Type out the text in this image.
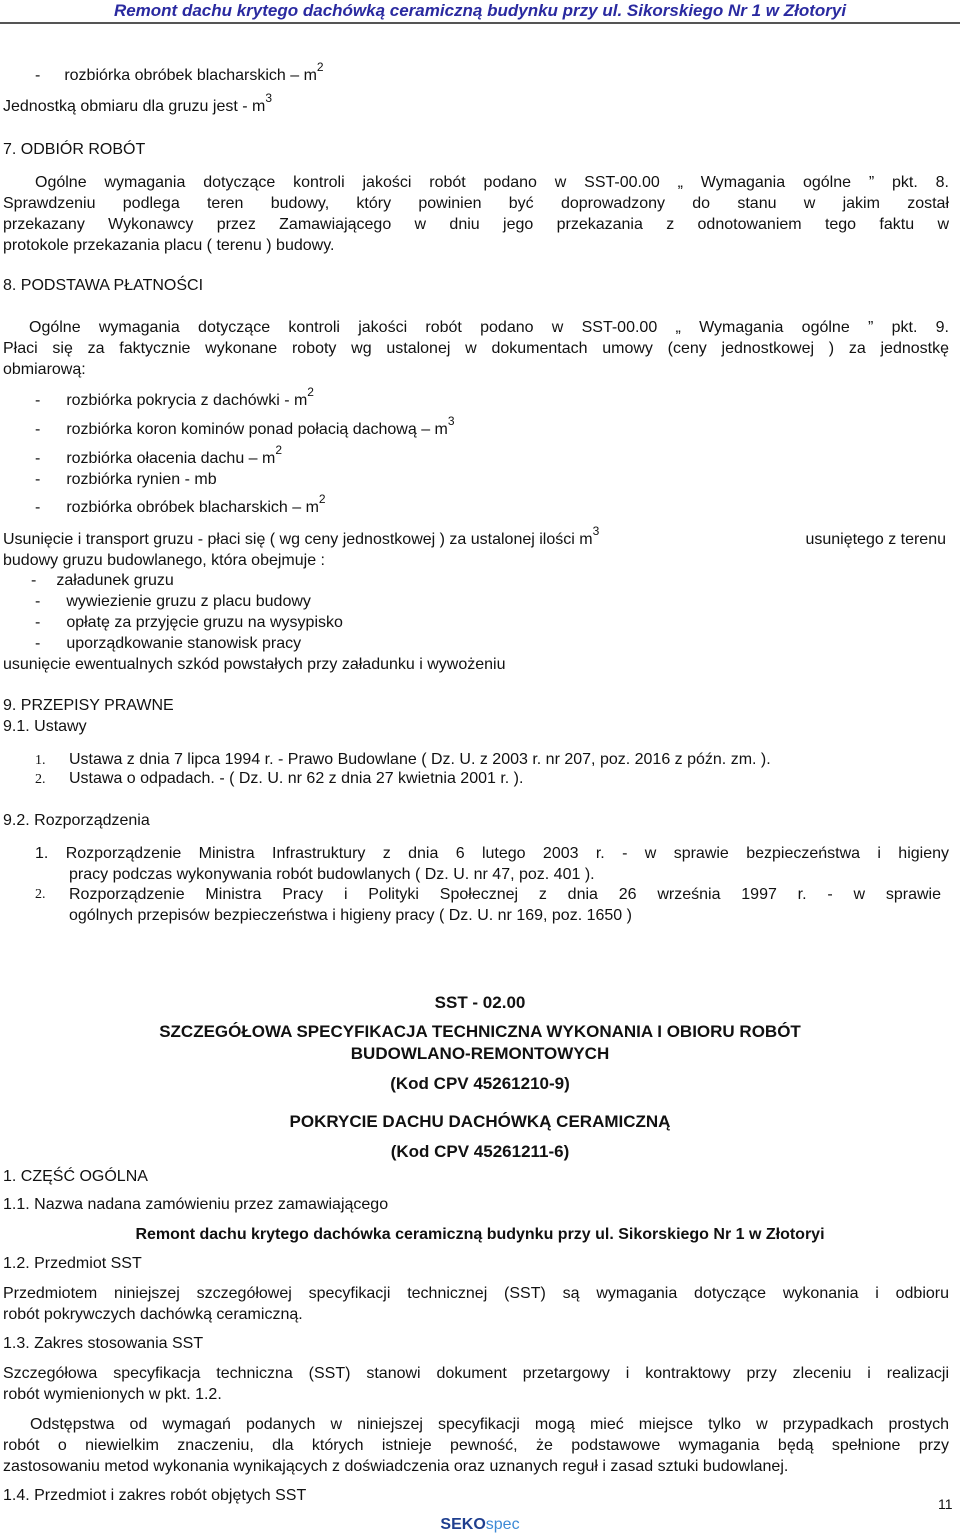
Remont dachu krytego dachówką ceramiczną budynku przy ul. Sikorskiego Nr 1 w Złotoryi
- rozbiórka obróbek blacharskich – $m^2$
Jednostką obmiaru dla gruzu jest - $m^3$
7. ODBIÓR ROBÓT
Ogólne wymagania dotyczące kontroli jakości robót podano w SST-00.00 „ Wymagania ogólne ” pkt. 8.
Sprawdzeniu podlega teren budowy, który powinien być doprowadzony do stanu w jakim został
przekazany Wykonawcy przez Zamawiającego w dniu jego przekazania z odnotowaniem tego faktu w
protokole przekazania placu ( terenu ) budowy.
8. PODSTAWA PŁATNOŚCI
Ogólne wymagania dotyczące kontroli jakości robót podano w SST-00.00 „ Wymagania ogólne ” pkt. 9.
Płaci się za faktycznie wykonane roboty wg ustalonej w dokumentach umowy (ceny jednostkowej ) za jednostkę
obmiarową:
- rozbiórka pokrycia z dachówki - $m^2$
- rozbiórka koron kominów ponad połacią dachową – $m^3$
- rozbiórka ołacenia dachu – $m^2$
- rozbiórka rynien - mb
- rozbiórka obróbek blacharskich – $m^2$
Usunięcie i transport gruzu - płaci się ( wg ceny jednostkowej ) za ustalonej ilości $m^3$	usuniętego z terenu
budowy gruzu budowlanego, która obejmuje :
- załadunek gruzu
- wywiezienie gruzu z placu budowy
- opłatę za przyjęcie gruzu na wysypisko
- uporządkowanie stanowisk pracy
usunięcie ewentualnych szkód powstałych przy załadunku i wywożeniu
9. PRZEPISY PRAWNE
9.1. Ustawy
1. Ustawa z dnia 7 lipca 1994 r. - Prawo Budowlane ( Dz. U. z 2003 r. nr 207, poz. 2016 z późn. zm. ).
2. Ustawa o odpadach. - ( Dz. U. nr 62 z dnia 27 kwietnia 2001 r. ).
9.2. Rozporządzenia
1. Rozporządzenie Ministra Infrastruktury z dnia 6 lutego 2003 r. - w sprawie bezpieczeństwa i higieny
pracy podczas wykonywania robót budowlanych ( Dz. U. nr 47, poz. 401 ).
2. Rozporządzenie Ministra Pracy i Polityki Społecznej z dnia 26 września 1997 r. - w sprawie
ogólnych przepisów bezpieczeństwa i higieny pracy ( Dz. U. nr 169, poz. 1650 )
SST - 02.00
SZCZEGÓŁOWA SPECYFIKACJA TECHNICZNA WYKONANIA I OBIORU ROBÓT
BUDOWLANO-REMONTOWYCH
(Kod CPV 45261210-9)
POKRYCIE DACHU DACHÓWKĄ CERAMICZNĄ
(Kod CPV 45261211-6)
1. CZĘŚĆ OGÓLNA
1.1. Nazwa nadana zamówieniu przez zamawiającego
Remont dachu krytego dachówka ceramiczną budynku przy ul. Sikorskiego Nr 1 w Złotoryi
1.2. Przedmiot SST
Przedmiotem niniejszej szczegółowej specyfikacji technicznej (SST) są wymagania dotyczące wykonania i odbioru
robót pokrywczych dachówką ceramiczną.
1.3. Zakres stosowania SST
Szczegółowa specyfikacja techniczna (SST) stanowi dokument przetargowy i kontraktowy przy zleceniu i realizacji
robót wymienionych w pkt. 1.2.
Odstępstwa od wymagań podanych w niniejszej specyfikacji mogą mieć miejsce tylko w przypadkach prostych
robót o niewielkim znaczeniu, dla których istnieje pewność, że podstawowe wymagania będą spełnione przy
zastosowaniu metod wykonania wynikających z doświadczenia oraz uznanych reguł i zasad sztuki budowlanej.
1.4. Przedmiot i zakres robót objętych SST	11
SEKOspec
